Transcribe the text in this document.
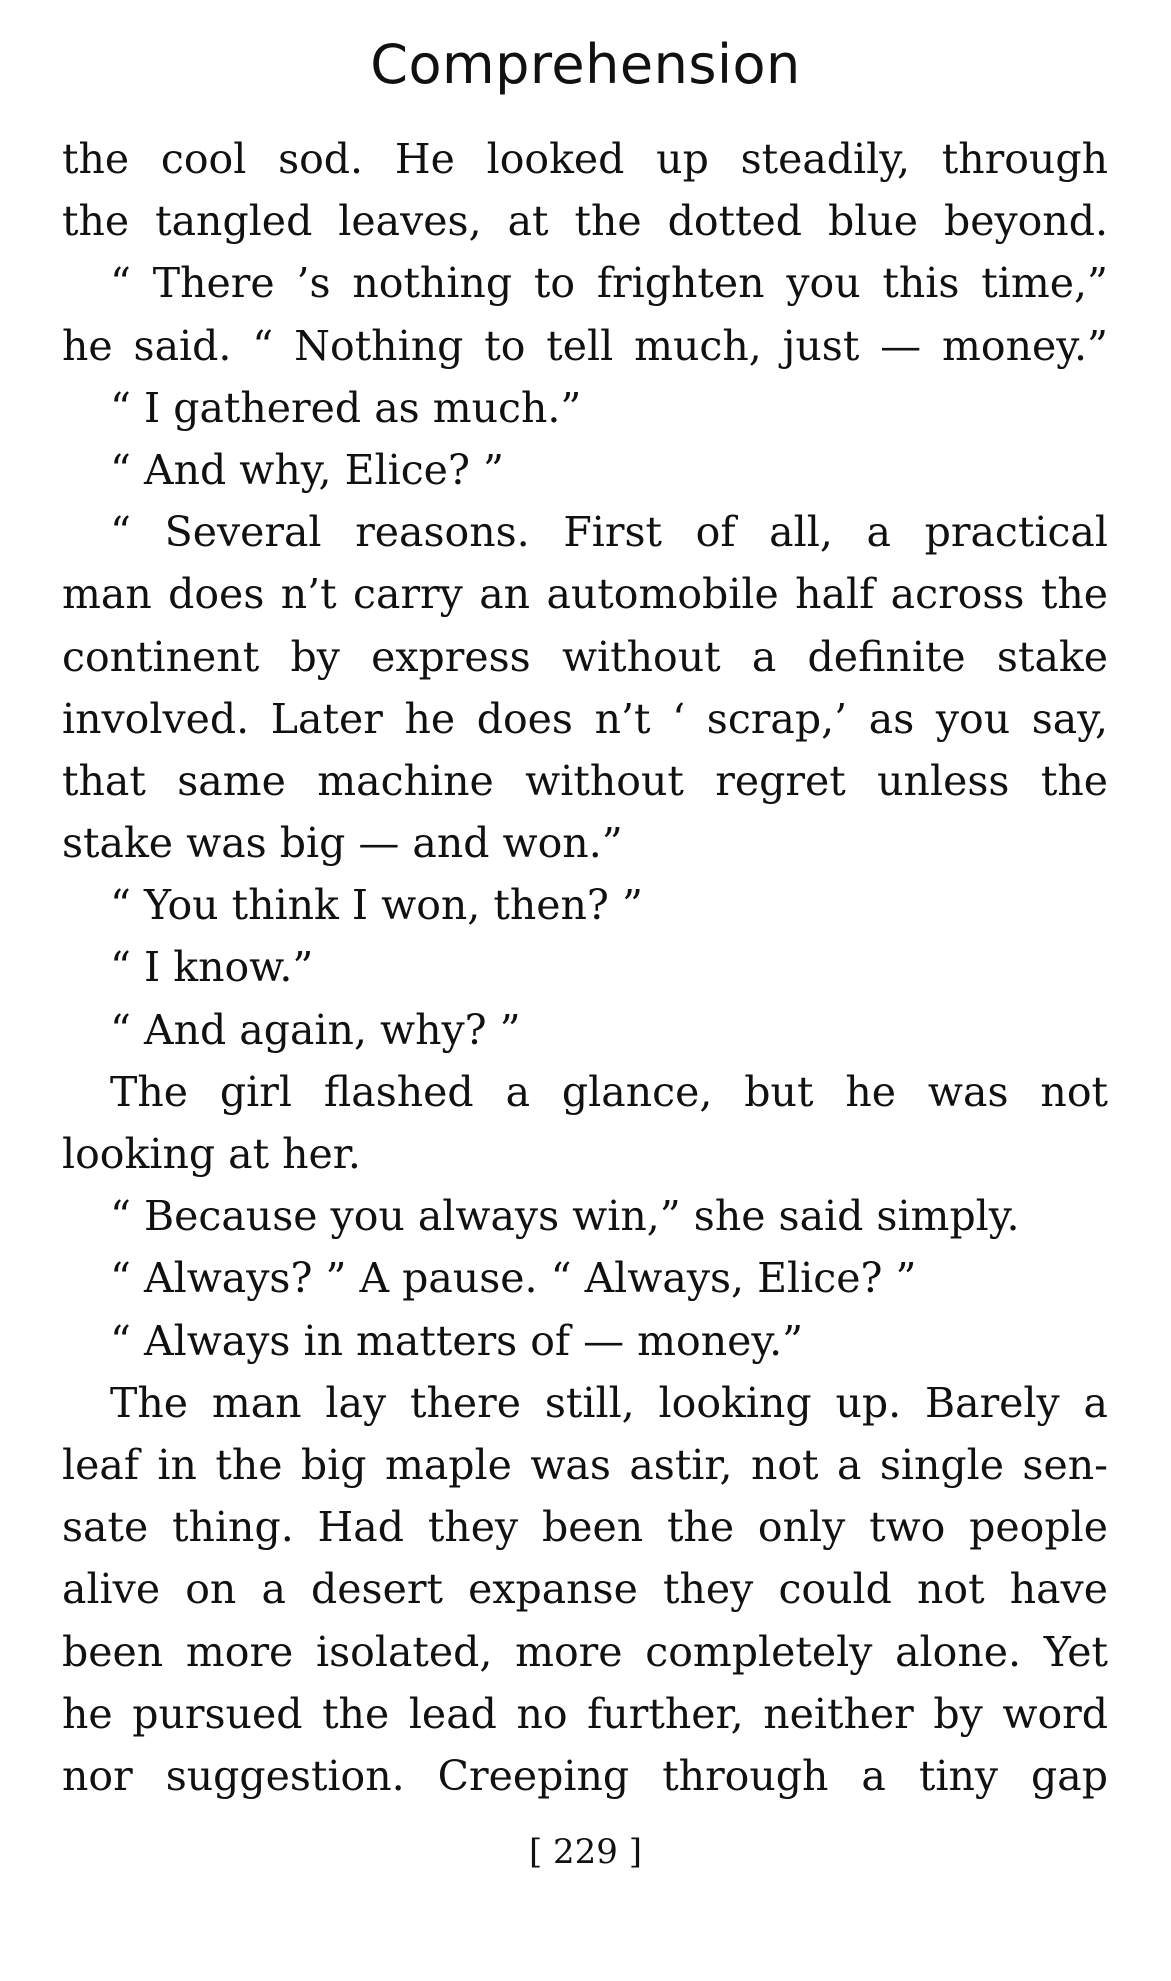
Comprehension
the cool sod. He looked up steadily, through
the tangled leaves, at the dotted blue beyond.
“ There ’s nothing to frighten you this time,”
he said. “ Nothing to tell much, just — money.”
“ I gathered as much.”
“ And why, Elice? ”
“ Several reasons. First of all, a practical
man does n’t carry an automobile half across the
continent by express without a definite stake
involved. Later he does n’t ‘ scrap,’ as you say,
that same machine without regret unless the
stake was big — and won.”
“ You think I won, then? ”
“ I know.”
“ And again, why? ”
The girl flashed a glance, but he was not
looking at her.
“ Because you always win,” she said simply.
“ Always? ” A pause. “ Always, Elice? ”
“ Always in matters of — money.”
The man lay there still, looking up. Barely a
leaf in the big maple was astir, not a single sen-
sate thing. Had they been the only two people
alive on a desert expanse they could not have
been more isolated, more completely alone. Yet
he pursued the lead no further, neither by word
nor suggestion. Creeping through a tiny gap
[ 229 ]
